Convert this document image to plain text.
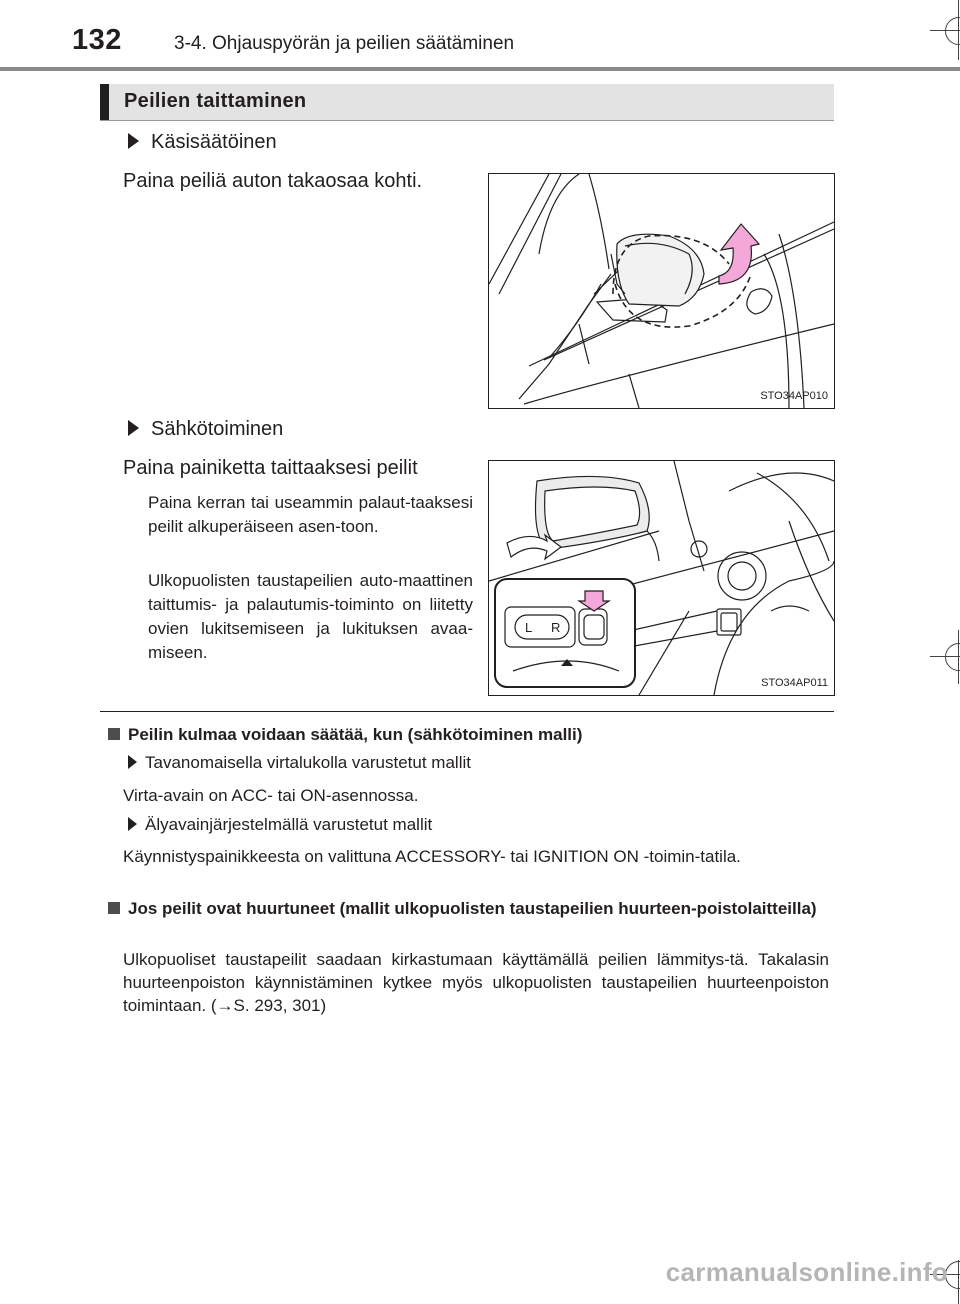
132	3-4. Ohjauspyörän ja peilien säätäminen
Peilien taittaminen
Käsisäätöinen
Paina peiliä auton takaosaa kohti.
STO34AP010
Sähkötoiminen
Paina painiketta taittaaksesi peilit
Paina kerran tai useammin palaut-taaksesi peilit alkuperäiseen asen-toon.
Ulkopuolisten taustapeilien auto-maattinen taittumis- ja palautumis-toiminto on liitetty ovien lukitsemiseen ja lukituksen avaa-miseen.
L R
STO34AP011
Peilin kulmaa voidaan säätää, kun (sähkötoiminen malli)
Tavanomaisella virtalukolla varustetut mallit
Virta-avain on ACC- tai ON-asennossa.
Älyavainjärjestelmällä varustetut mallit
Käynnistyspainikkeesta on valittuna ACCESSORY- tai IGNITION ON -toimin-tatila.
Jos peilit ovat huurtuneet (mallit ulkopuolisten taustapeilien huurteen-poistolaitteilla)
Ulkopuoliset taustapeilit saadaan kirkastumaan käyttämällä peilien lämmitys-tä. Takalasin huurteenpoiston käynnistäminen kytkee myös ulkopuolisten taustapeilien huurteenpoiston toimintaan. (→S. 293, 301)
carmanualsonline.info
